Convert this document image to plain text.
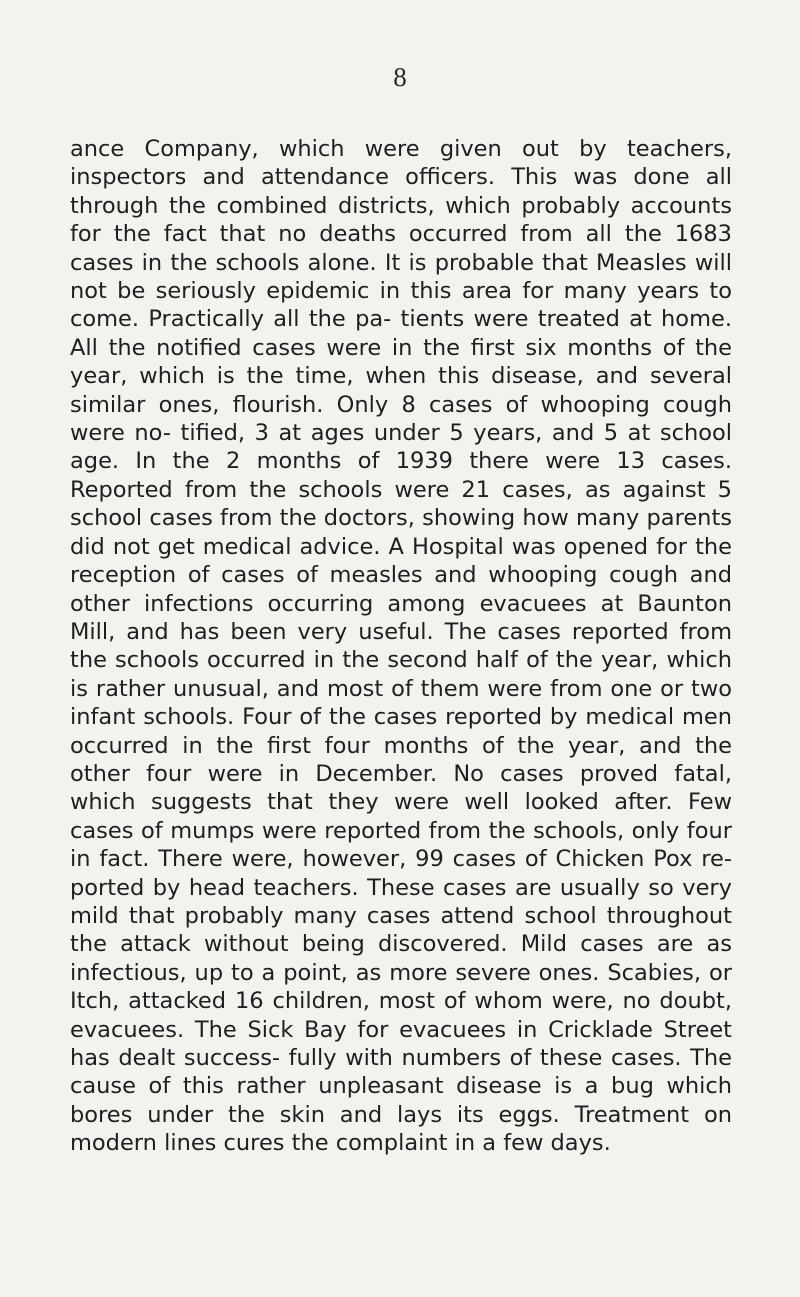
8

ance Company, which were given out by teachers, inspectors and attendance officers. This was done all through the combined districts, which probably accounts for the fact that no deaths occurred from all the 1683 cases in the schools alone. It is probable that Measles will not be seriously epidemic in this area for many years to come. Practically all the pa- tients were treated at home. All the notified cases were in the first six months of the year, which is the time, when this disease, and several similar ones, flourish. Only 8 cases of whooping cough were no- tified, 3 at ages under 5 years, and 5 at school age. In the 2 months of 1939 there were 13 cases. Reported from the schools were 21 cases, as against 5 school cases from the doctors, showing how many parents did not get medical advice. A Hospital was opened for the reception of cases of measles and whooping cough and other infections occurring among evacuees at Baunton Mill, and has been very useful. The cases reported from the schools occurred in the second half of the year, which is rather unusual, and most of them were from one or two infant schools. Four of the cases reported by medical men occurred in the first four months of the year, and the other four were in December. No cases proved fatal, which suggests that they were well looked after. Few cases of mumps were reported from the schools, only four in fact. There were, however, 99 cases of Chicken Pox re- ported by head teachers. These cases are usually so very mild that probably many cases attend school throughout the attack without being discovered. Mild cases are as infectious, up to a point, as more severe ones. Scabies, or Itch, attacked 16 children, most of whom were, no doubt, evacuees. The Sick Bay for evacuees in Cricklade Street has dealt success- fully with numbers of these cases. The cause of this rather unpleasant disease is a bug which bores under the skin and lays its eggs. Treatment on modern lines cures the complaint in a few days.
